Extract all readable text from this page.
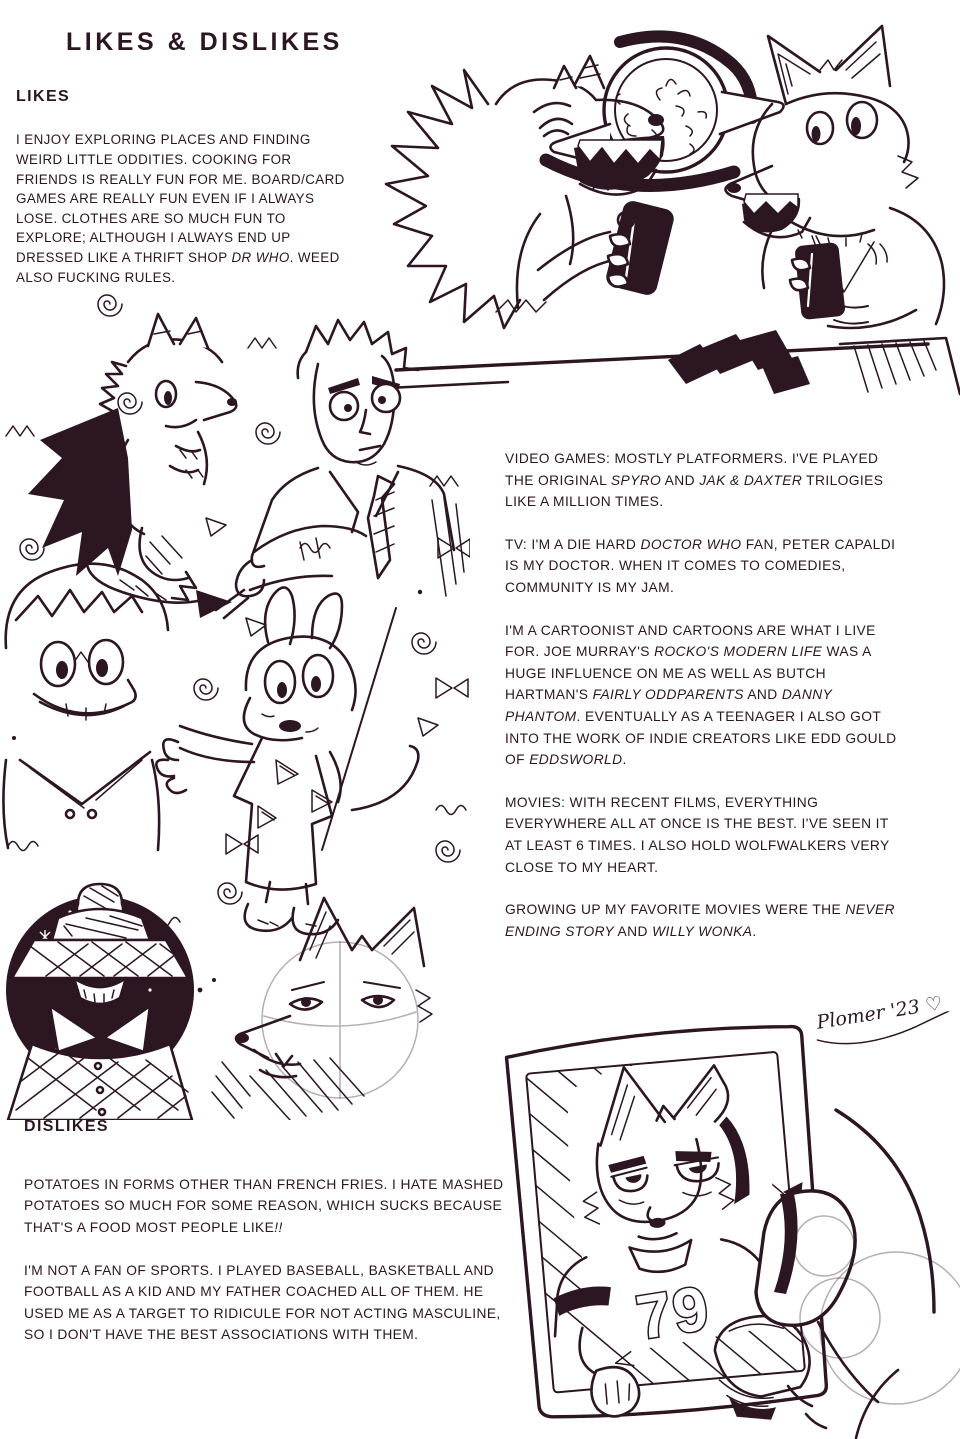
LIKES & DISLIKES
LIKES

I ENJOY EXPLORING PLACES AND FINDING WEIRD LITTLE ODDITIES. COOKING FOR FRIENDS IS REALLY FUN FOR ME. BOARD/CARD GAMES ARE REALLY FUN EVEN IF I ALWAYS LOSE. CLOTHES ARE SO MUCH FUN TO EXPLORE; ALTHOUGH I ALWAYS END UP DRESSED LIKE A THRIFT SHOP DR WHO. WEED ALSO FUCKING RULES.

VIDEO GAMES: MOSTLY PLATFORMERS. I'VE PLAYED THE ORIGINAL SPYRO AND JAK & DAXTER TRILOGIES LIKE A MILLION TIMES.

TV: I'M A DIE HARD DOCTOR WHO FAN, PETER CAPALDI IS MY DOCTOR. WHEN IT COMES TO COMEDIES, COMMUNITY IS MY JAM.

I'M A CARTOONIST AND CARTOONS ARE WHAT I LIVE FOR. JOE MURRAY'S ROCKO'S MODERN LIFE WAS A HUGE INFLUENCE ON ME AS WELL AS BUTCH HARTMAN'S FAIRLY ODDPARENTS AND DANNY PHANTOM. EVENTUALLY AS A TEENAGER I ALSO GOT INTO THE WORK OF INDIE CREATORS LIKE EDD GOULD OF EDDSWORLD.

MOVIES: WITH RECENT FILMS, EVERYTHING EVERYWHERE ALL AT ONCE IS THE BEST. I'VE SEEN IT AT LEAST 6 TIMES. I ALSO HOLD WOLFWALKERS VERY CLOSE TO MY HEART.

GROWING UP MY FAVORITE MOVIES WERE THE NEVER ENDING STORY AND WILLY WONKA.

Plomer '23 ♡
DISLIKES

POTATOES IN FORMS OTHER THAN FRENCH FRIES. I HATE MASHED POTATOES SO MUCH FOR SOME REASON, WHICH SUCKS BECAUSE THAT'S A FOOD MOST PEOPLE LIKE!!

I'M NOT A FAN OF SPORTS. I PLAYED BASEBALL, BASKETBALL AND FOOTBALL AS A KID AND MY FATHER COACHED ALL OF THEM. HE USED ME AS A TARGET TO RIDICULE FOR NOT ACTING MASCULINE, SO I DON'T HAVE THE BEST ASSOCIATIONS WITH THEM.	79
